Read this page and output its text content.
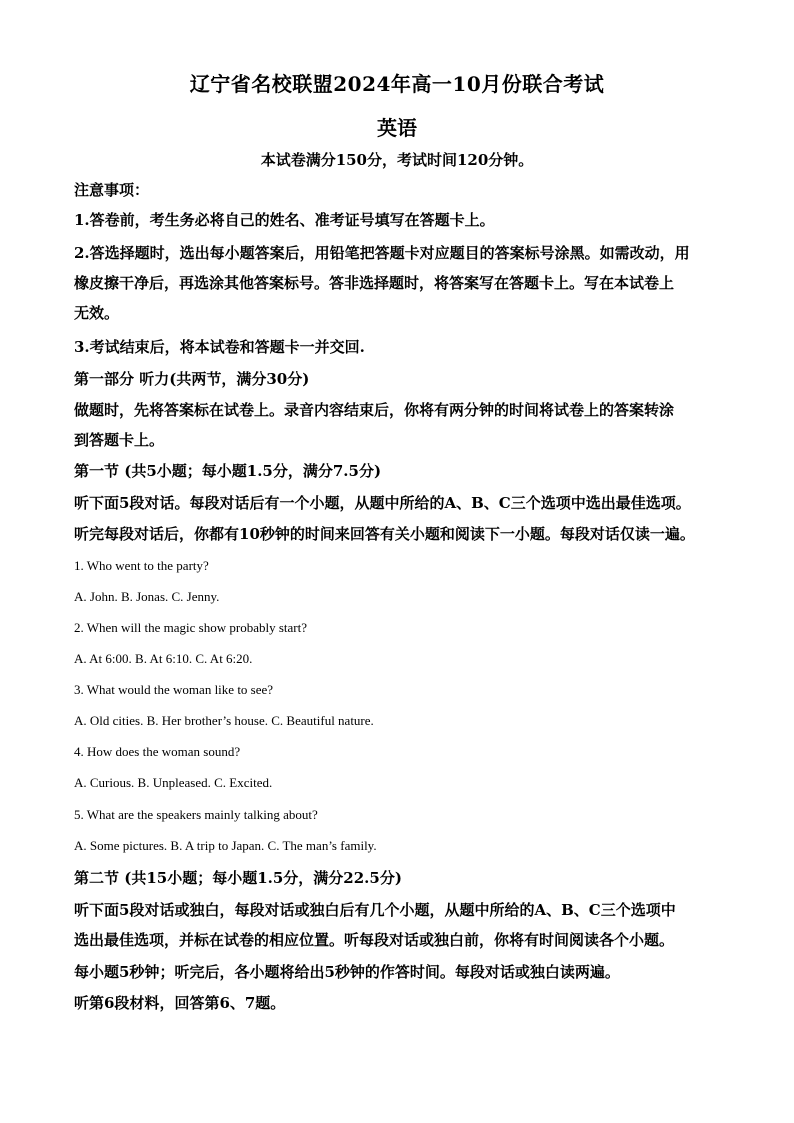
辽宁省名校联盟2024年高一10月份联合考试
英语
本试卷满分150分，考试时间120分钟。
注意事项：
1.答卷前，考生务必将自己的姓名、准考证号填写在答题卡上。
2.答选择题时，选出每小题答案后，用铅笔把答题卡对应题目的答案标号涂黑。如需改动，用
橡皮擦干净后，再选涂其他答案标号。答非选择题时，将答案写在答题卡上。写在本试卷上
无效。
3.考试结束后，将本试卷和答题卡一并交回.
第一部分 听力(共两节，满分30分)
做题时，先将答案标在试卷上。录音内容结束后，你将有两分钟的时间将试卷上的答案转涂
到答题卡上。
第一节 (共5小题；每小题1.5分，满分7.5分)
听下面5段对话。每段对话后有一个小题，从题中所给的A、B、C三个选项中选出最佳选项。
听完每段对话后，你都有10秒钟的时间来回答有关小题和阅读下一小题。每段对话仅读一遍。
1. Who went to the party?
A. John. B. Jonas. C. Jenny.
2. When will the magic show probably start?
A. At 6:00. B. At 6:10. C. At 6:20.
3. What would the woman like to see?
A. Old cities. B. Her brother’s house. C. Beautiful nature.
4. How does the woman sound?
A. Curious. B. Unpleased. C. Excited.
5. What are the speakers mainly talking about?
A. Some pictures. B. A trip to Japan. C. The man’s family.
第二节 (共15小题；每小题1.5分，满分22.5分)
听下面5段对话或独白，每段对话或独白后有几个小题，从题中所给的A、B、C三个选项中
选出最佳选项，并标在试卷的相应位置。听每段对话或独白前，你将有时间阅读各个小题。
每小题5秒钟；听完后，各小题将给出5秒钟的作答时间。每段对话或独白读两遍。
听第6段材料，回答第6、7题。
